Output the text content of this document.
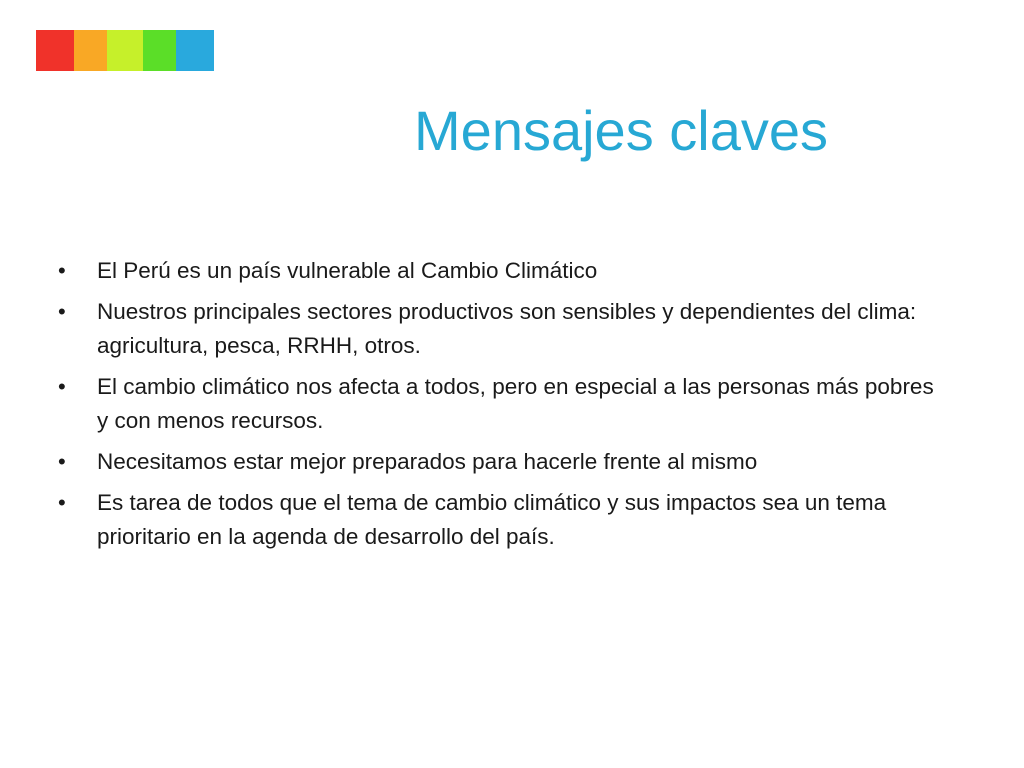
Mensajes claves
•	El Perú es un país vulnerable al Cambio Climático
•	Nuestros principales sectores productivos son sensibles y dependientes del clima: agricultura, pesca, RRHH, otros.
•	El cambio climático nos afecta a todos, pero en especial a las personas más pobres y con menos recursos.
•	Necesitamos estar mejor preparados para hacerle frente al mismo
•	Es tarea de todos que el tema de cambio climático y sus impactos sea un tema prioritario en la agenda de desarrollo del país.
